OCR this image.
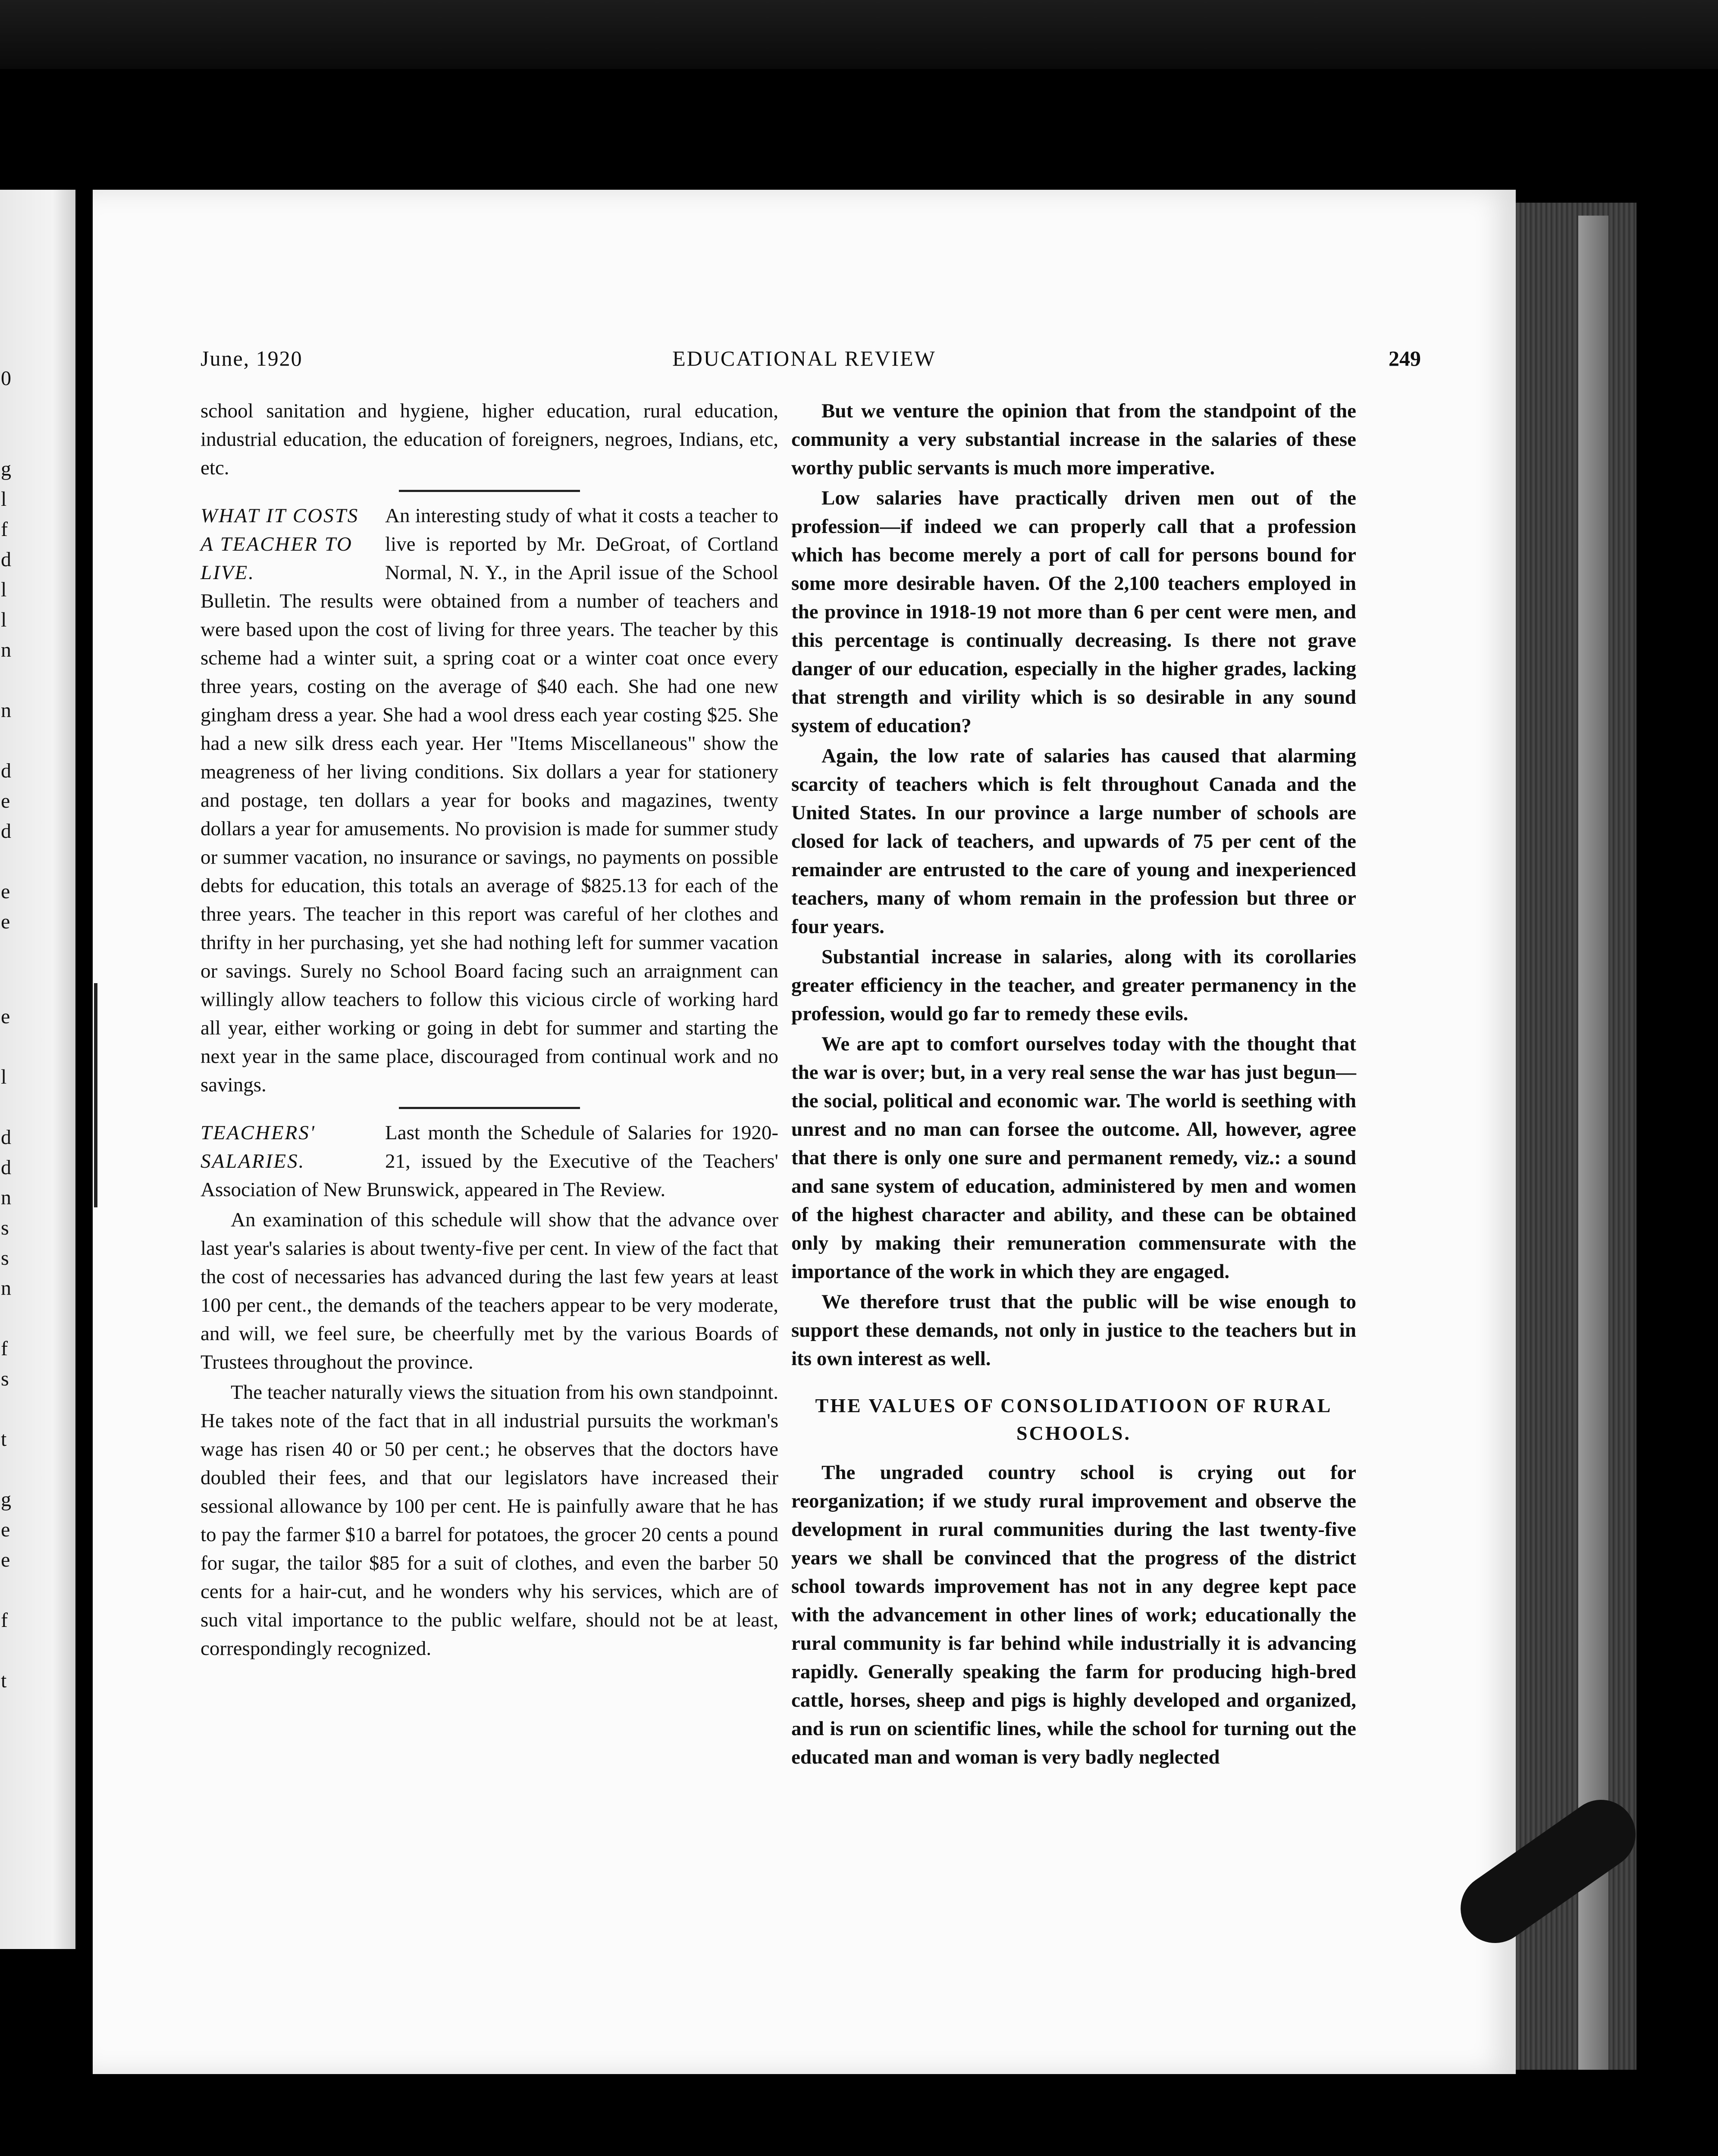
0
g
l
f
d
l
l
n
n
d
e
d
e
e
e
l
d
d
n
s
s
n
f
s
t
g
e
e
f
t
June, 1920	EDUCATIONAL REVIEW	249

school sanitation and hygiene, higher education, rural education, industrial education, the education of foreigners, negroes, Indians, etc, etc.

WHAT IT COSTS A TEACHER TO LIVE.
An interesting study of what it costs a teacher to live is reported by Mr. DeGroat, of Cortland Normal, N. Y., in the April issue of the School Bulletin. The results were obtained from a number of teachers and were based upon the cost of living for three years. The teacher by this scheme had a winter suit, a spring coat or a winter coat once every three years, costing on the average of $40 each. She had one new gingham dress a year. She had a wool dress each year costing $25. She had a new silk dress each year. Her "Items Miscellaneous" show the meagreness of her living conditions. Six dollars a year for stationery and postage, ten dollars a year for books and magazines, twenty dollars a year for amusements. No provision is made for summer study or summer vacation, no insurance or savings, no payments on possible debts for education, this totals an average of $825.13 for each of the three years. The teacher in this report was careful of her clothes and thrifty in her purchasing, yet she had nothing left for summer vacation or savings. Surely no School Board facing such an arraignment can willingly allow teachers to follow this vicious circle of working hard all year, either working or going in debt for summer and starting the next year in the same place, discouraged from continual work and no savings.

TEACHERS' SALARIES.
Last month the Schedule of Salaries for 1920-21, issued by the Executive of the Teachers' Association of New Brunswick, appeared in The Review.

An examination of this schedule will show that the advance over last year's salaries is about twenty-five per cent. In view of the fact that the cost of necessaries has advanced during the last few years at least 100 per cent., the demands of the teachers appear to be very moderate, and will, we feel sure, be cheerfully met by the various Boards of Trustees throughout the province.

The teacher naturally views the situation from his own standpoinnt. He takes note of the fact that in all industrial pursuits the workman's wage has risen 40 or 50 per cent.; he observes that the doctors have doubled their fees, and that our legislators have increased their sessional allowance by 100 per cent. He is painfully aware that he has to pay the farmer $10 a barrel for potatoes, the grocer 20 cents a pound for sugar, the tailor $85 for a suit of clothes, and even the barber 50 cents for a hair-cut, and he wonders why his services, which are of such vital importance to the public welfare, should not be at least, correspondingly recognized.

But we venture the opinion that from the standpoint of the community a very substantial increase in the salaries of these worthy public servants is much more imperative.

Low salaries have practically driven men out of the profession—if indeed we can properly call that a profession which has become merely a port of call for persons bound for some more desirable haven. Of the 2,100 teachers employed in the province in 1918-19 not more than 6 per cent were men, and this percentage is continually decreasing. Is there not grave danger of our education, especially in the higher grades, lacking that strength and virility which is so desirable in any sound system of education?

Again, the low rate of salaries has caused that alarming scarcity of teachers which is felt throughout Canada and the United States. In our province a large number of schools are closed for lack of teachers, and upwards of 75 per cent of the remainder are entrusted to the care of young and inexperienced teachers, many of whom remain in the profession but three or four years.

Substantial increase in salaries, along with its corollaries greater efficiency in the teacher, and greater permanency in the profession, would go far to remedy these evils.

We are apt to comfort ourselves today with the thought that the war is over; but, in a very real sense the war has just begun—the social, political and economic war. The world is seething with unrest and no man can forsee the outcome. All, however, agree that there is only one sure and permanent remedy, viz.: a sound and sane system of education, administered by men and women of the highest character and ability, and these can be obtained only by making their remuneration commensurate with the importance of the work in which they are engaged.

We therefore trust that the public will be wise enough to support these demands, not only in justice to the teachers but in its own interest as well.

THE VALUES OF CONSOLIDATIOON OF RURAL SCHOOLS.

The ungraded country school is crying out for reorganization; if we study rural improvement and observe the development in rural communities during the last twenty-five years we shall be convinced that the progress of the district school towards improvement has not in any degree kept pace with the advancement in other lines of work; educationally the rural community is far behind while industrially it is advancing rapidly. Generally speaking the farm for producing high-bred cattle, horses, sheep and pigs is highly developed and organized, and is run on scientific lines, while the school for turning out the educated man and woman is very badly neglected
